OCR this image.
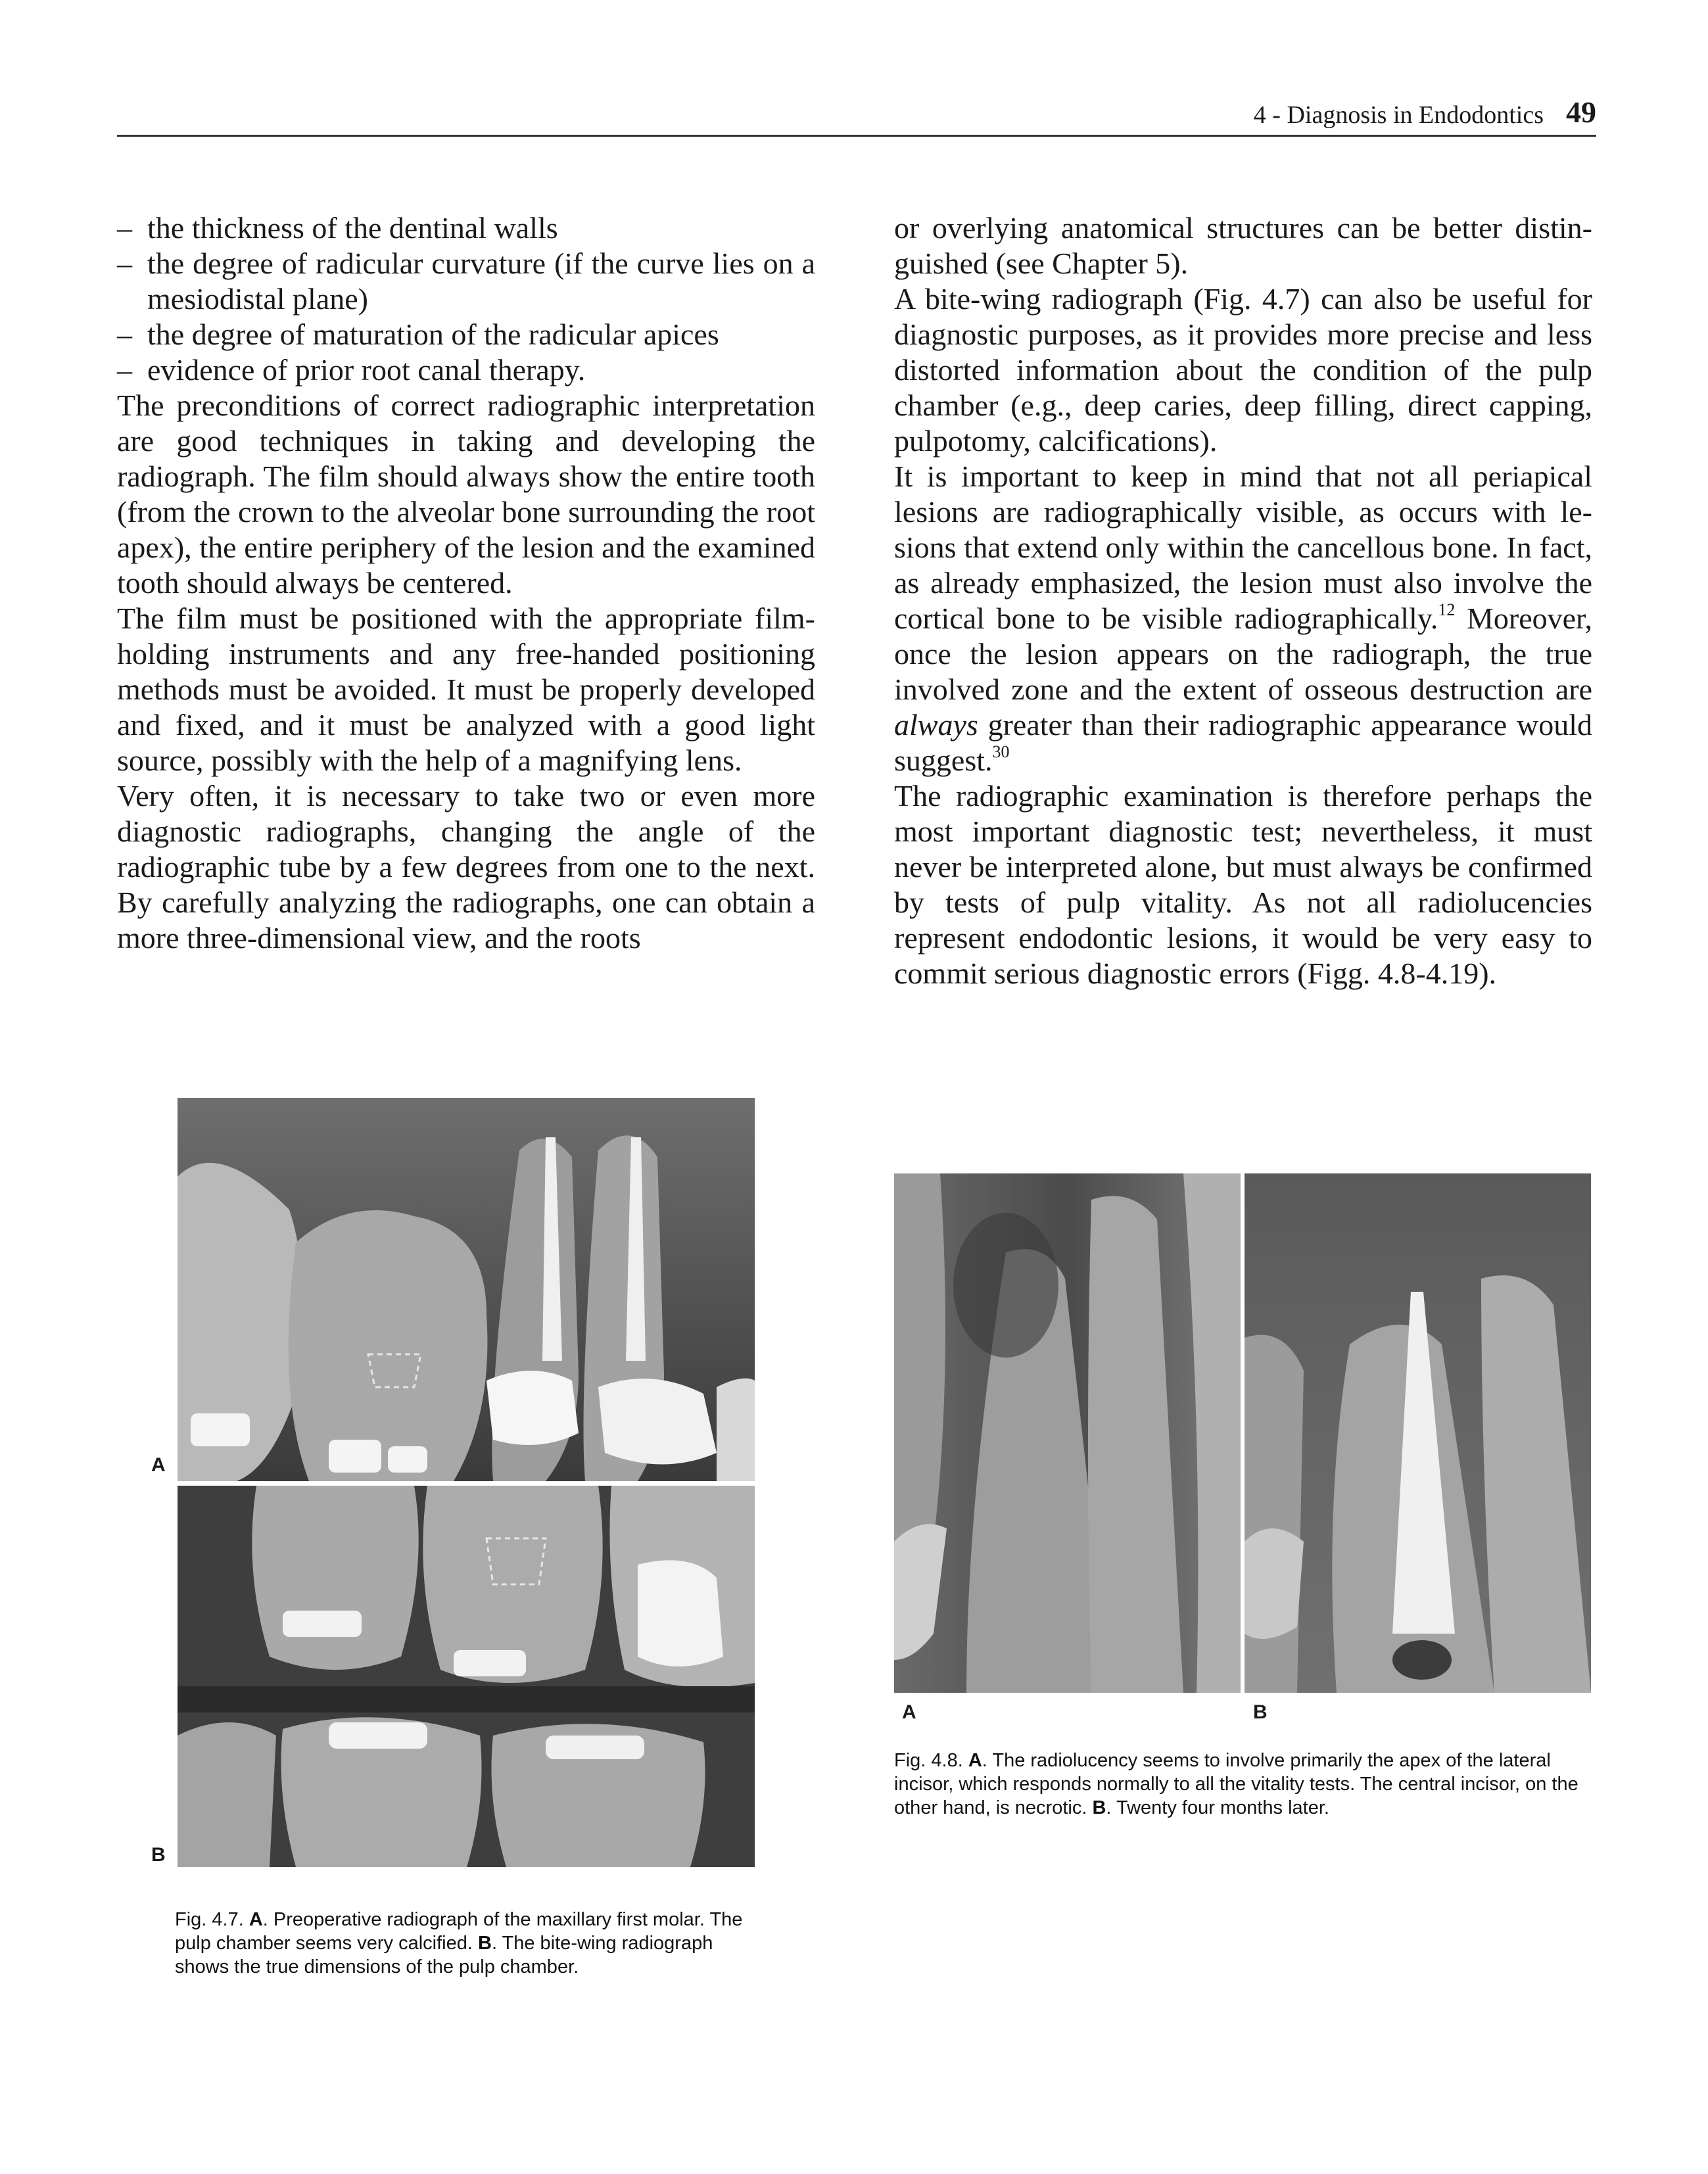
4 - Diagnosis in Endodontics 49

– the thickness of the dentinal walls

– the degree of radicular curvature (if the curve lies on a mesiodistal plane)

– the degree of maturation of the radicular apices

– evidence of prior root canal therapy.

The preconditions of correct radiographic interpretation are good techniques in taking and developing the radiograph. The film should always show the entire tooth (from the crown to the alveolar bone surrounding the root apex), the entire periphery of the lesion and the examined tooth should always be centered.

The film must be positioned with the appropriate film-holding instruments and any free-handed positioning methods must be avoided. It must be properly developed and fixed, and it must be analyzed with a good light source, possibly with the help of a magnifying lens.

Very often, it is necessary to take two or even more diagnostic radiographs, changing the angle of the radiographic tube by a few degrees from one to the next. By carefully analyzing the radiographs, one can obtain a more three-dimensional view, and the roots

or overlying anatomical structures can be better distinguished (see Chapter 5).

A bite-wing radiograph (Fig. 4.7) can also be useful for diagnostic purposes, as it provides more precise and less distorted information about the condition of the pulp chamber (e.g., deep caries, deep filling, direct capping, pulpotomy, calcifications).

It is important to keep in mind that not all periapical lesions are radiographically visible, as occurs with lesions that extend only within the cancellous bone. In fact, as already emphasized, the lesion must also involve the cortical bone to be visible radiographically.$^{12}$ Moreover, once the lesion appears on the radiograph, the true involved zone and the extent of osseous destruction are always greater than their radiographic appearance would suggest.$^{30}$

The radiographic examination is therefore perhaps the most important diagnostic test; nevertheless, it must never be interpreted alone, but must always be confirmed by tests of pulp vitality. As not all radiolucencies represent endodontic lesions, it would be very easy to commit serious diagnostic errors (Figg. 4.8-4.19).

A
B
Fig. 4.7. A. Preoperative radiograph of the maxillary first molar. The pulp chamber seems very calcified. B. The bite-wing radiograph shows the true dimensions of the pulp chamber.
A	B
Fig. 4.8. A. The radiolucency seems to involve primarily the apex of the lateral incisor, which responds normally to all the vitality tests. The central incisor, on the other hand, is necrotic. B. Twenty four months later.
